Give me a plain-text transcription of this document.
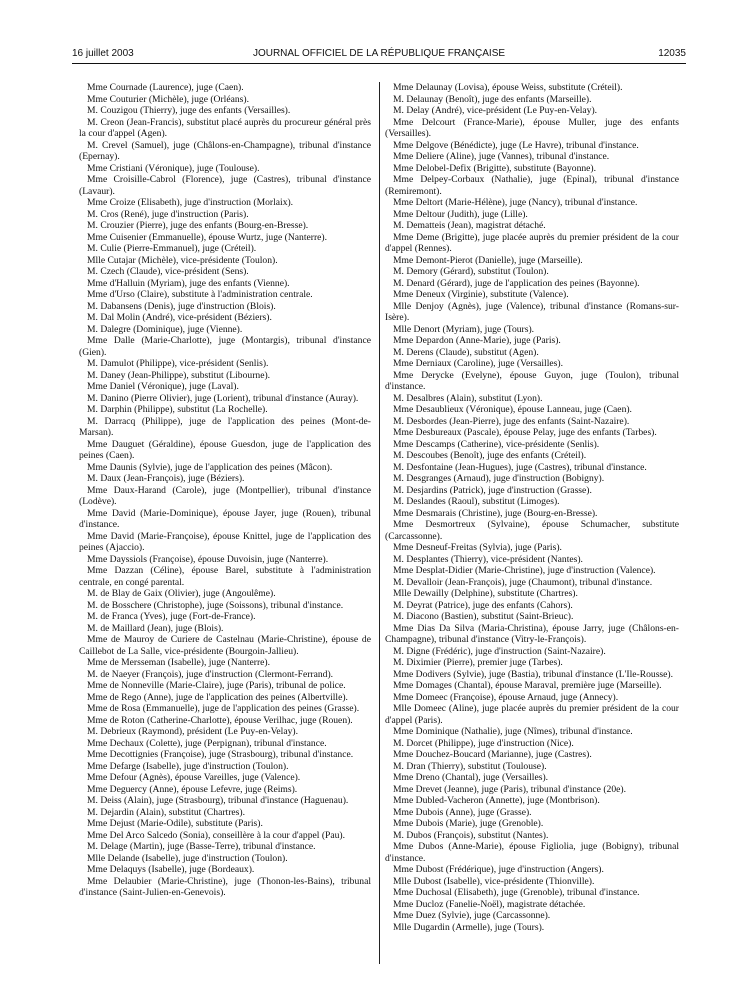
16 juillet 2003	JOURNAL OFFICIEL DE LA RÉPUBLIQUE FRANÇAISE	12035

Mme Cournade (Laurence), juge (Caen).

Mme Couturier (Michèle), juge (Orléans).

M. Couzigou (Thierry), juge des enfants (Versailles).

M. Creon (Jean-Francis), substitut placé auprès du procureur général près la cour d'appel (Agen).

M. Crevel (Samuel), juge (Châlons-en-Champagne), tribunal d'instance (Epernay).

Mme Cristiani (Véronique), juge (Toulouse).

Mme Croisille-Cabrol (Florence), juge (Castres), tribunal d'instance (Lavaur).

Mme Croize (Elisabeth), juge d'instruction (Morlaix).

M. Cros (René), juge d'instruction (Paris).

M. Crouzier (Pierre), juge des enfants (Bourg-en-Bresse).

Mme Cuisenier (Emmanuelle), épouse Wurtz, juge (Nanterre).

M. Culie (Pierre-Emmanuel), juge (Créteil).

Mlle Cutajar (Michèle), vice-présidente (Toulon).

M. Czech (Claude), vice-président (Sens).

Mme d'Halluin (Myriam), juge des enfants (Vienne).

Mme d'Urso (Claire), substitute à l'administration centrale.

M. Dabansens (Denis), juge d'instruction (Blois).

M. Dal Molin (André), vice-président (Béziers).

M. Dalegre (Dominique), juge (Vienne).

Mme Dalle (Marie-Charlotte), juge (Montargis), tribunal d'instance (Gien).

M. Damulot (Philippe), vice-président (Senlis).

M. Daney (Jean-Philippe), substitut (Libourne).

Mme Daniel (Véronique), juge (Laval).

M. Danino (Pierre Olivier), juge (Lorient), tribunal d'instance (Auray).

M. Darphin (Philippe), substitut (La Rochelle).

M. Darracq (Philippe), juge de l'application des peines (Mont-de-Marsan).

Mme Dauguet (Géraldine), épouse Guesdon, juge de l'application des peines (Caen).

Mme Daunis (Sylvie), juge de l'application des peines (Mâcon).

M. Daux (Jean-François), juge (Béziers).

Mme Daux-Harand (Carole), juge (Montpellier), tribunal d'instance (Lodève).

Mme David (Marie-Dominique), épouse Jayer, juge (Rouen), tribunal d'instance.

Mme David (Marie-Françoise), épouse Knittel, juge de l'application des peines (Ajaccio).

Mme Dayssiols (Françoise), épouse Duvoisin, juge (Nanterre).

Mme Dazzan (Céline), épouse Barel, substitute à l'administration centrale, en congé parental.

M. de Blay de Gaix (Olivier), juge (Angoulême).

M. de Bosschere (Christophe), juge (Soissons), tribunal d'instance.

M. de Franca (Yves), juge (Fort-de-France).

M. de Maillard (Jean), juge (Blois).

Mme de Mauroy de Curiere de Castelnau (Marie-Christine), épouse de Caillebot de La Salle, vice-présidente (Bourgoin-Jallieu).

Mme de Mersseman (Isabelle), juge (Nanterre).

M. de Naeyer (François), juge d'instruction (Clermont-Ferrand).

Mme de Nonneville (Marie-Claire), juge (Paris), tribunal de police.

Mme de Rego (Anne), juge de l'application des peines (Albertville).

Mme de Rosa (Emmanuelle), juge de l'application des peines (Grasse).

Mme de Roton (Catherine-Charlotte), épouse Verilhac, juge (Rouen).

M. Debrieux (Raymond), président (Le Puy-en-Velay).

Mme Dechaux (Colette), juge (Perpignan), tribunal d'instance.

Mme Decottignies (Françoise), juge (Strasbourg), tribunal d'instance.

Mme Defarge (Isabelle), juge d'instruction (Toulon).

Mme Defour (Agnès), épouse Vareilles, juge (Valence).

Mme Deguercy (Anne), épouse Lefevre, juge (Reims).

M. Deiss (Alain), juge (Strasbourg), tribunal d'instance (Haguenau).

M. Dejardin (Alain), substitut (Chartres).

Mme Dejust (Marie-Odile), substitute (Paris).

Mme Del Arco Salcedo (Sonia), conseillère à la cour d'appel (Pau).

M. Delage (Martin), juge (Basse-Terre), tribunal d'instance.

Mlle Delande (Isabelle), juge d'instruction (Toulon).

Mme Delaquys (Isabelle), juge (Bordeaux).

Mme Delaubier (Marie-Christine), juge (Thonon-les-Bains), tribunal d'instance (Saint-Julien-en-Genevois).

Mme Delaunay (Lovisa), épouse Weiss, substitute (Créteil).

M. Delaunay (Benoît), juge des enfants (Marseille).

M. Delay (André), vice-président (Le Puy-en-Velay).

Mme Delcourt (France-Marie), épouse Muller, juge des enfants (Versailles).

Mme Delgove (Bénédicte), juge (Le Havre), tribunal d'instance.

Mme Deliere (Aline), juge (Vannes), tribunal d'instance.

Mme Delobel-Defix (Brigitte), substitute (Bayonne).

Mme Delpey-Corbaux (Nathalie), juge (Epinal), tribunal d'instance (Remiremont).

Mme Deltort (Marie-Hélène), juge (Nancy), tribunal d'instance.

Mme Deltour (Judith), juge (Lille).

M. Dematteis (Jean), magistrat détaché.

Mme Deme (Brigitte), juge placée auprès du premier président de la cour d'appel (Rennes).

Mme Demont-Pierot (Danielle), juge (Marseille).

M. Demory (Gérard), substitut (Toulon).

M. Denard (Gérard), juge de l'application des peines (Bayonne).

Mme Deneux (Virginie), substitute (Valence).

Mlle Denjoy (Agnès), juge (Valence), tribunal d'instance (Romans-sur-Isère).

Mlle Denort (Myriam), juge (Tours).

Mme Depardon (Anne-Marie), juge (Paris).

M. Derens (Claude), substitut (Agen).

Mme Derniaux (Caroline), juge (Versailles).

Mme Derycke (Evelyne), épouse Guyon, juge (Toulon), tribunal d'instance.

M. Desalbres (Alain), substitut (Lyon).

Mme Desaublieux (Véronique), épouse Lanneau, juge (Caen).

M. Desbordes (Jean-Pierre), juge des enfants (Saint-Nazaire).

Mme Desbureaux (Pascale), épouse Pelay, juge des enfants (Tarbes).

Mme Descamps (Catherine), vice-présidente (Senlis).

M. Descoubes (Benoît), juge des enfants (Créteil).

M. Desfontaine (Jean-Hugues), juge (Castres), tribunal d'instance.

M. Desgranges (Arnaud), juge d'instruction (Bobigny).

M. Desjardins (Patrick), juge d'instruction (Grasse).

M. Deslandes (Raoul), substitut (Limoges).

Mme Desmarais (Christine), juge (Bourg-en-Bresse).

Mme Desmortreux (Sylvaine), épouse Schumacher, substitute (Carcassonne).

Mme Desneuf-Freitas (Sylvia), juge (Paris).

M. Desplantes (Thierry), vice-président (Nantes).

Mme Desplat-Didier (Marie-Christine), juge d'instruction (Valence).

M. Devalloir (Jean-François), juge (Chaumont), tribunal d'instance.

Mlle Dewailly (Delphine), substitute (Chartres).

M. Deyrat (Patrice), juge des enfants (Cahors).

M. Diacono (Bastien), substitut (Saint-Brieuc).

Mme Dias Da Silva (Maria-Christina), épouse Jarry, juge (Châlons-en-Champagne), tribunal d'instance (Vitry-le-François).

M. Digne (Frédéric), juge d'instruction (Saint-Nazaire).

M. Diximier (Pierre), premier juge (Tarbes).

Mme Dodivers (Sylvie), juge (Bastia), tribunal d'instance (L'Ile-Rousse).

Mme Domages (Chantal), épouse Maraval, première juge (Marseille).

Mme Domeec (Françoise), épouse Arnaud, juge (Annecy).

Mlle Domeec (Aline), juge placée auprès du premier président de la cour d'appel (Paris).

Mme Dominique (Nathalie), juge (Nîmes), tribunal d'instance.

M. Dorcet (Philippe), juge d'instruction (Nice).

Mme Douchez-Boucard (Marianne), juge (Castres).

M. Dran (Thierry), substitut (Toulouse).

Mme Dreno (Chantal), juge (Versailles).

Mme Drevet (Jeanne), juge (Paris), tribunal d'instance (20e).

Mme Dubled-Vacheron (Annette), juge (Montbrison).

Mme Dubois (Anne), juge (Grasse).

Mme Dubois (Marie), juge (Grenoble).

M. Dubos (François), substitut (Nantes).

Mme Dubos (Anne-Marie), épouse Figliolia, juge (Bobigny), tribunal d'instance.

Mme Dubost (Frédérique), juge d'instruction (Angers).

Mlle Dubost (Isabelle), vice-présidente (Thionville).

Mme Duchosal (Elisabeth), juge (Grenoble), tribunal d'instance.

Mme Ducloz (Fanelie-Noël), magistrate détachée.

Mme Duez (Sylvie), juge (Carcassonne).

Mlle Dugardin (Armelle), juge (Tours).
